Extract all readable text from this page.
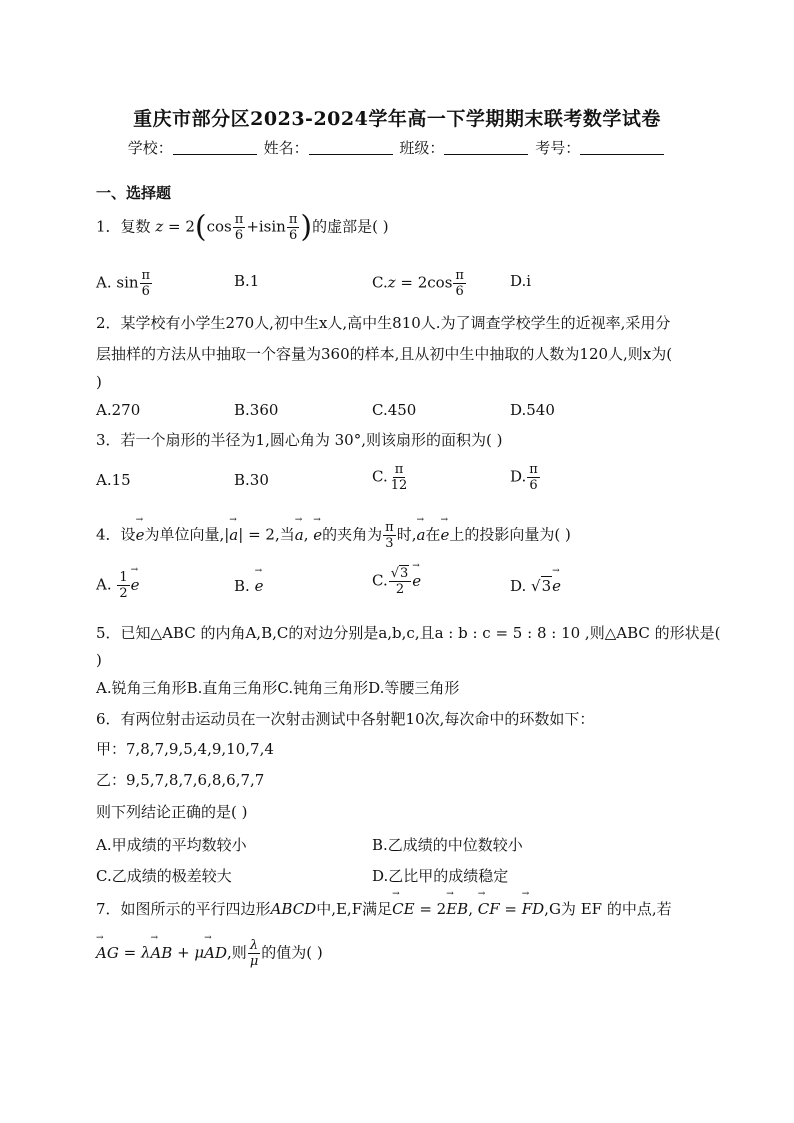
重庆市部分区2023-2024学年高一下学期期末联考数学试卷
学校：	姓名：	班级：	考号：
一、选择题
1．复数 $z = 2(\cos \frac{\pi}{6} +isin \frac{\pi}{6}$ )的虚部是( )
A. $\sin \frac{\pi}{6}$	B.1	$C.z = 2\cos \frac{\pi}{6}$	D.i
2．某学校有小学生270人,初中生x人,高中生810人.为了调查学校学生的近视率,采用分
层抽样的方法从中抽取一个容量为360的样本,且从初中生中抽取的人数为120人,则x为(
)
A.270	B.360	C.450	D.540
3．若一个扇形的半径为1,圆心角为 30°,则该扇形的面积为( )
A.15	B.30	C. $\frac{\pi}{12}$	D. $\frac{\pi}{6}$
4．设→ e为单位向量,|→ a| = 2,当→ a, → e的夹角为 $\frac{\pi}{3}$ 时,→ a在→ e上的投影向量为( )
A. $\frac{1}{2}$
→ e	B. → e	C. $\frac{√3}{2}$
→ e	D. √3→ e
5．已知△ABC 的内角A,B,C的对边分别是a,b,c,且a : b : c = 5 : 8 : 10 ,则△ABC 的形状是(
)
A.锐角三角形B.直角三角形C.钝角三角形D.等腰三角形
6．有两位射击运动员在一次射击测试中各射靶10次,每次命中的环数如下：
甲：7,8,7,9,5,4,9,10,7,4
乙：9,5,7,8,7,6,8,6,7,7
则下列结论正确的是( )
A.甲成绩的平均数较小	B.乙成绩的中位数较小
C.乙成绩的极差较大	D.乙比甲的成绩稳定
7．如图所示的平行四边形ABCD中,E,F满足→ CE = 2→ EB, → CF = → FD,G为 EF 的中点,若
→ AG = λ→ AB + μ→ AD,则 $\frac{\lambda}{\mu}$ 的值为( )
